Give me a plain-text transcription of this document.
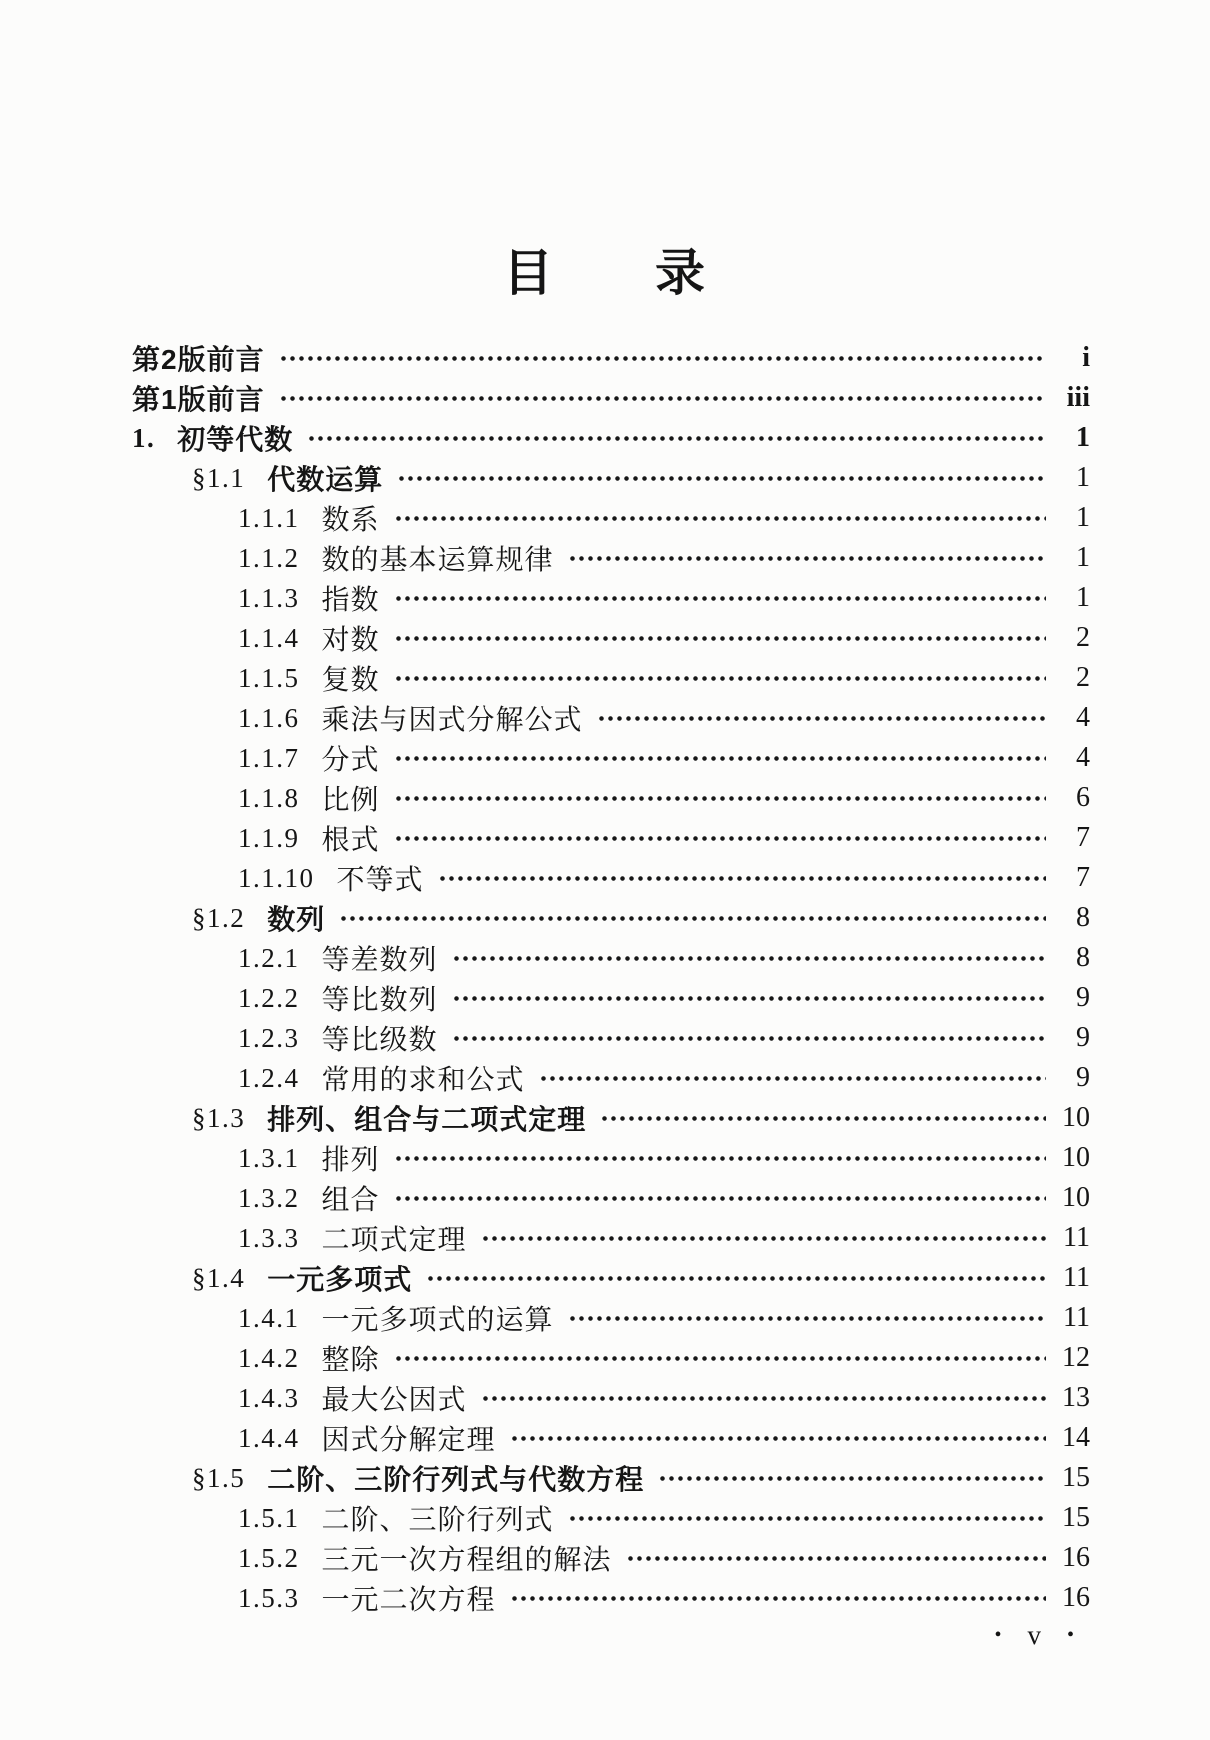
目 录
第2版前言	i
第1版前言	iii
1. 初等代数	1
§1.1 代数运算	1
1.1.1 数系	1
1.1.2 数的基本运算规律	1
1.1.3 指数	1
1.1.4 对数	2
1.1.5 复数	2
1.1.6 乘法与因式分解公式	4
1.1.7 分式	4
1.1.8 比例	6
1.1.9 根式	7
1.1.10 不等式	7
§1.2 数列	8
1.2.1 等差数列	8
1.2.2 等比数列	9
1.2.3 等比级数	9
1.2.4 常用的求和公式	9
§1.3 排列、组合与二项式定理	10
1.3.1 排列	10
1.3.2 组合	10
1.3.3 二项式定理	11
§1.4 一元多项式	11
1.4.1 一元多项式的运算	11
1.4.2 整除	12
1.4.3 最大公因式	13
1.4.4 因式分解定理	14
§1.5 二阶、三阶行列式与代数方程	15
1.5.1 二阶、三阶行列式	15
1.5.2 三元一次方程组的解法	16
1.5.3 一元二次方程	16
• v •
